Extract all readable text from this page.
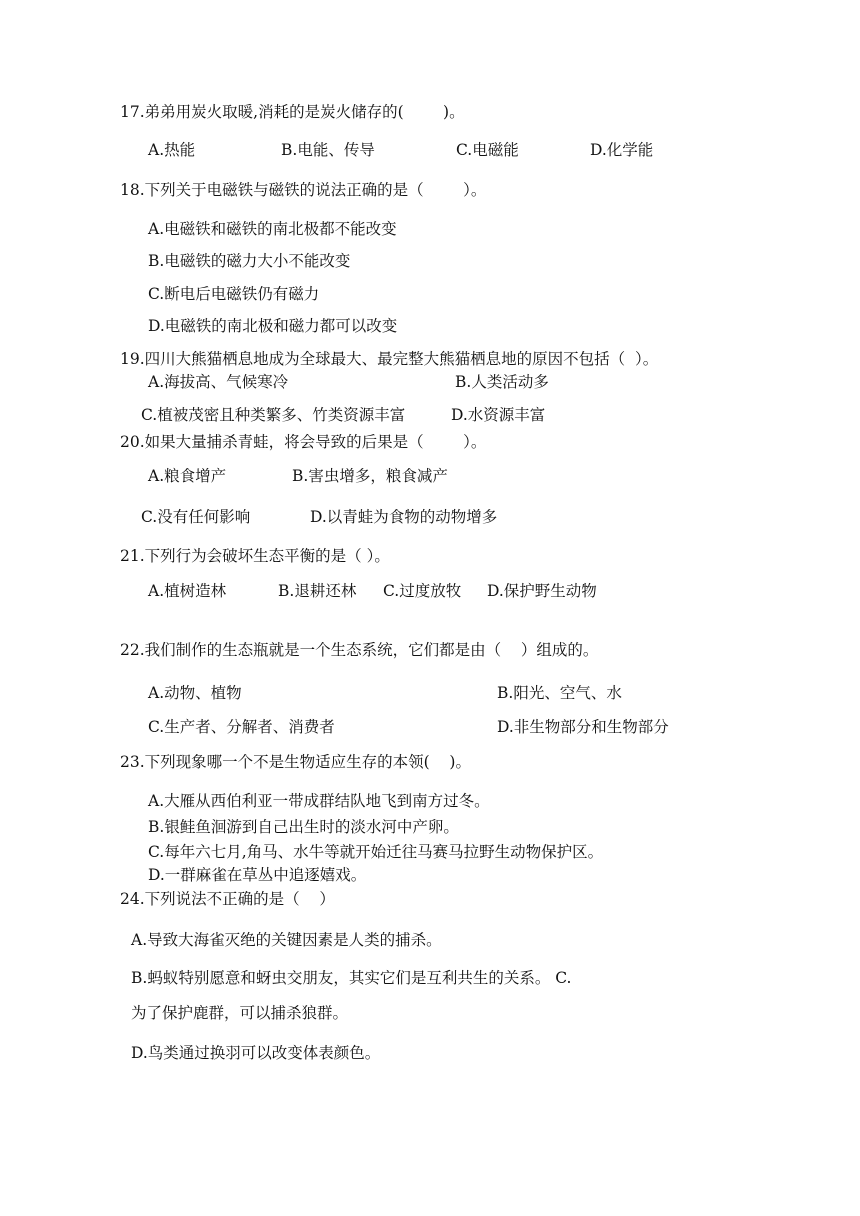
17.弟弟用炭火取暖,消耗的是炭火储存的(        )。
A.热能	B.电能、传导	C.电磁能	D.化学能
18.下列关于电磁铁与磁铁的说法正确的是（        ）。
A.电磁铁和磁铁的南北极都不能改变
B.电磁铁的磁力大小不能改变
C.断电后电磁铁仍有磁力
D.电磁铁的南北极和磁力都可以改变
19.四川大熊猫栖息地成为全球最大、最完整大熊猫栖息地的原因不包括（  ）。
A.海拔高、气候寒冷	B.人类活动多
C.植被茂密且种类繁多、竹类资源丰富	D.水资源丰富
20.如果大量捕杀青蛙，将会导致的后果是（        ）。
A.粮食增产	B.害虫增多，粮食减产
C.没有任何影响	D.以青蛙为食物的动物增多
21.下列行为会破坏生态平衡的是（ ）。
A.植树造林	B.退耕还林 C.过度放牧 D.保护野生动物
22.我们制作的生态瓶就是一个生态系统，它们都是由（    ）组成的。
A.动物、植物	B.阳光、空气、水
C.生产者、分解者、消费者	D.非生物部分和生物部分
23.下列现象哪一个不是生物适应生存的本领(    )。
A.大雁从西伯利亚一带成群结队地飞到南方过冬。
B.银鲑鱼洄游到自己出生时的淡水河中产卵。
C.每年六七月,角马、水牛等就开始迁往马赛马拉野生动物保护区。
D.一群麻雀在草丛中追逐嬉戏。
24.下列说法不正确的是（    ）
A.导致大海雀灭绝的关键因素是人类的捕杀。
B.蚂蚁特别愿意和蚜虫交朋友，其实它们是互利共生的关系。 C.
为了保护鹿群，可以捕杀狼群。
D.鸟类通过换羽可以改变体表颜色。
